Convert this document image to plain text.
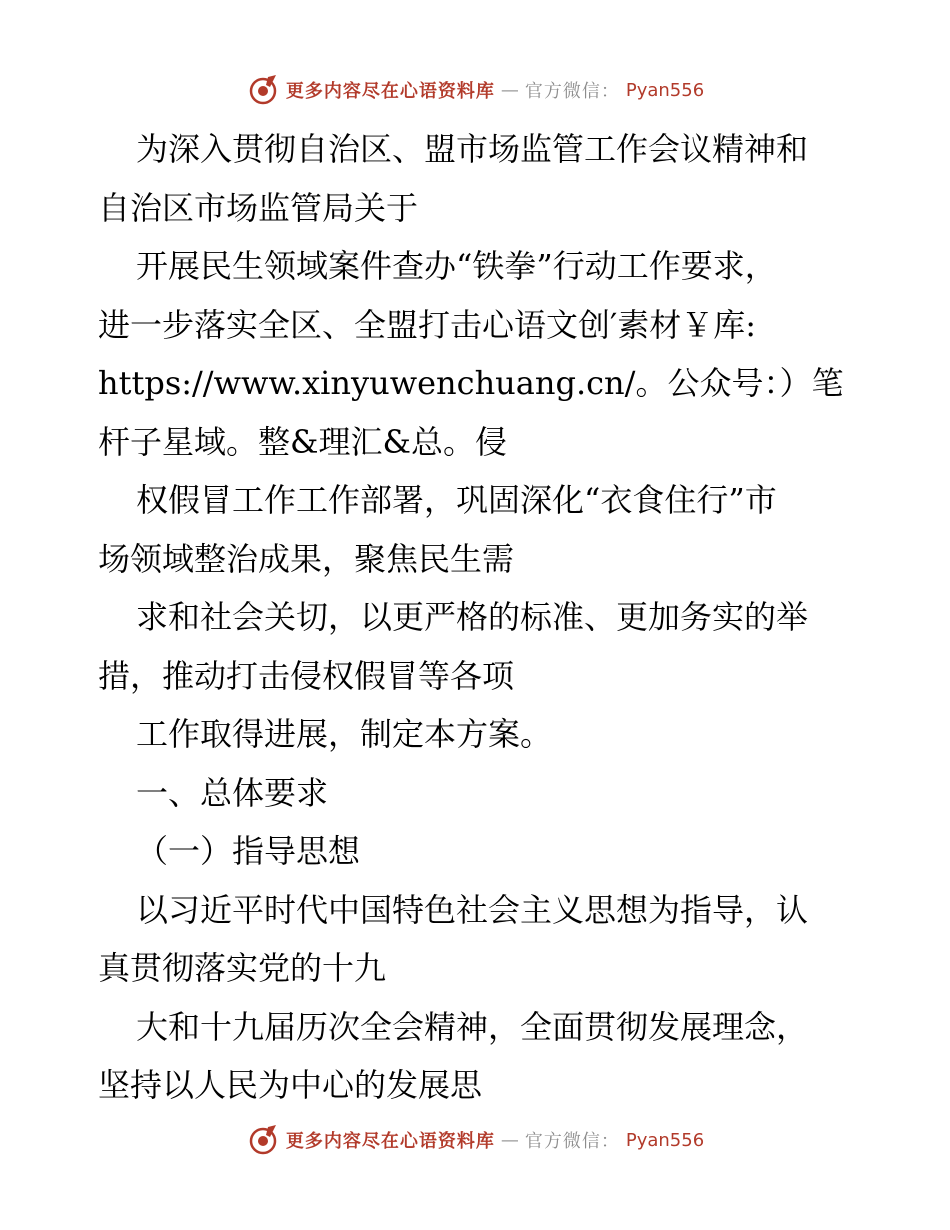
更多内容尽在心语资料库 — 官方微信： Pyan556
为深入贯彻自治区、盟市场监管工作会议精神和
自治区市场监管局关于
开展民生领域案件查办“铁拳”行动工作要求，
进一步落实全区、全盟打击心语文创′素材￥库:
https://www.xinyuwenchuang.cn/。公众号：）笔
杆子星域。整&理汇&总。侵
权假冒工作工作部署，巩固深化“衣食住行”市
场领域整治成果，聚焦民生需
求和社会关切，以更严格的标准、更加务实的举
措，推动打击侵权假冒等各项
工作取得进展，制定本方案。
一、总体要求
（一）指导思想
以习近平时代中国特色社会主义思想为指导，认
真贯彻落实党的十九
大和十九届历次全会精神，全面贯彻发展理念，
坚持以人民为中心的发展思
更多内容尽在心语资料库 — 官方微信： Pyan556
